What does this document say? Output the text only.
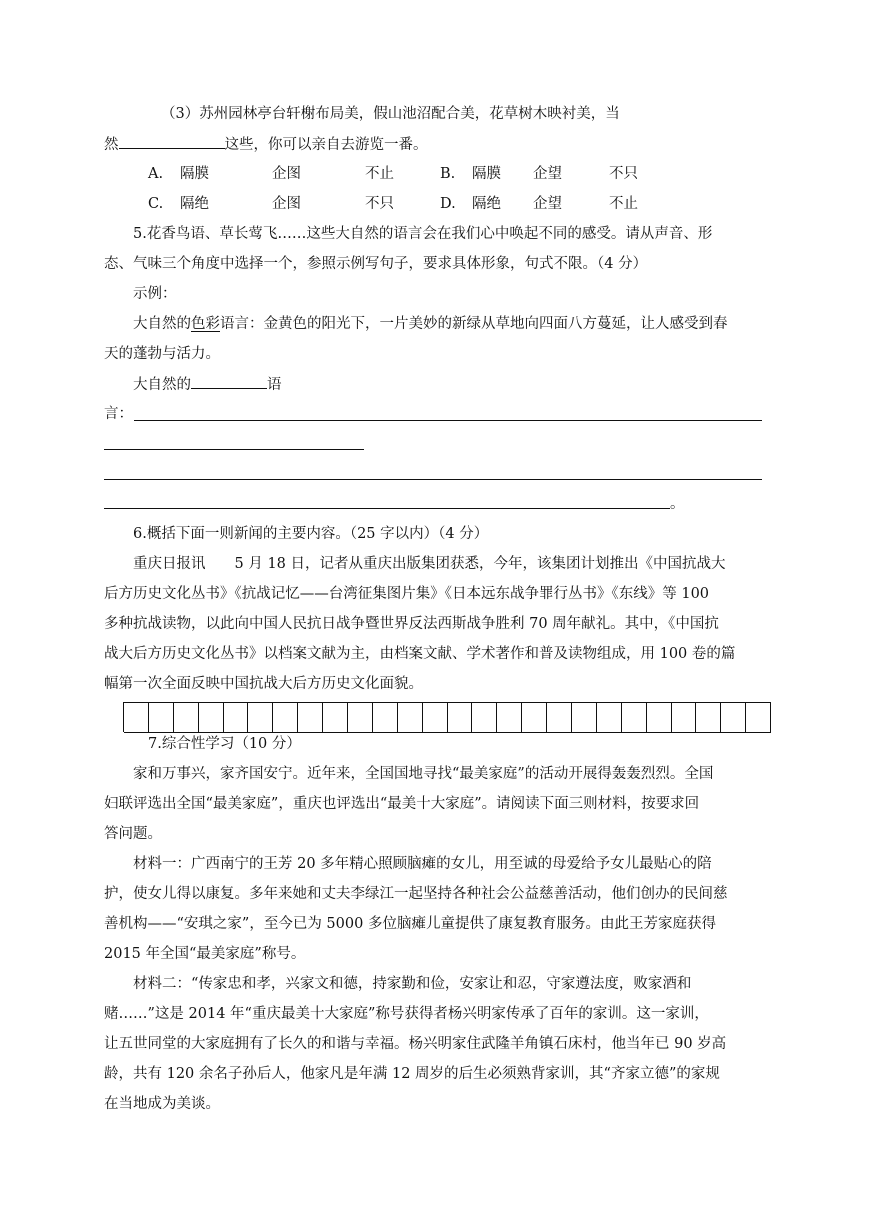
（3）苏州园林亭台轩榭布局美，假山池沼配合美，花草树木映衬美，当
然	这些，你可以亲自去游览一番。
A. 隔膜	企图	不止	B. 隔膜 企望	不只
C. 隔绝	企图	不只	D. 隔绝 企望	不止
5.花香鸟语、草长莺飞……这些大自然的语言会在我们心中唤起不同的感受。请从声音、形
态、气味三个角度中选择一个，参照示例写句子，要求具体形象，句式不限。（4 分）
示例：
大自然的色彩语言：金黄色的阳光下，一片美妙的新绿从草地向四面八方蔓延，让人感受到春
天的蓬勃与活力。
大自然的	语
言：
。
6.概括下面一则新闻的主要内容。（25 字以内）（4 分）
重庆日报讯　　5 月 18 日，记者从重庆出版集团获悉，今年，该集团计划推出《中国抗战大
后方历史文化丛书》《抗战记忆——台湾征集图片集》《日本远东战争罪行丛书》《东线》等 100
多种抗战读物，以此向中国人民抗日战争暨世界反法西斯战争胜利 70 周年献礼。其中，《中国抗
战大后方历史文化丛书》以档案文献为主，由档案文献、学术著作和普及读物组成，用 100 卷的篇
幅第一次全面反映中国抗战大后方历史文化面貌。
7.综合性学习（10 分）
家和万事兴，家齐国安宁。近年来，全国国地寻找“最美家庭”的活动开展得轰轰烈烈。全国
妇联评选出全国“最美家庭”，重庆也评选出“最美十大家庭”。请阅读下面三则材料，按要求回
答问题。
材料一：广西南宁的王芳 20 多年精心照顾脑瘫的女儿，用至诚的母爱给予女儿最贴心的陪
护，使女儿得以康复。多年来她和丈夫李绿江一起坚持各种社会公益慈善活动，他们创办的民间慈
善机构——“安琪之家”，至今已为 5000 多位脑瘫儿童提供了康复教育服务。由此王芳家庭获得
2015 年全国“最美家庭”称号。
材料二：“传家忠和孝，兴家文和德，持家勤和俭，安家让和忍，守家遵法度，败家酒和
赌……”这是 2014 年“重庆最美十大家庭”称号获得者杨兴明家传承了百年的家训。这一家训，
让五世同堂的大家庭拥有了长久的和谐与幸福。杨兴明家住武隆羊角镇石床村，他当年已 90 岁高
龄，共有 120 余名子孙后人，他家凡是年满 12 周岁的后生必须熟背家训，其“齐家立德”的家规
在当地成为美谈。
